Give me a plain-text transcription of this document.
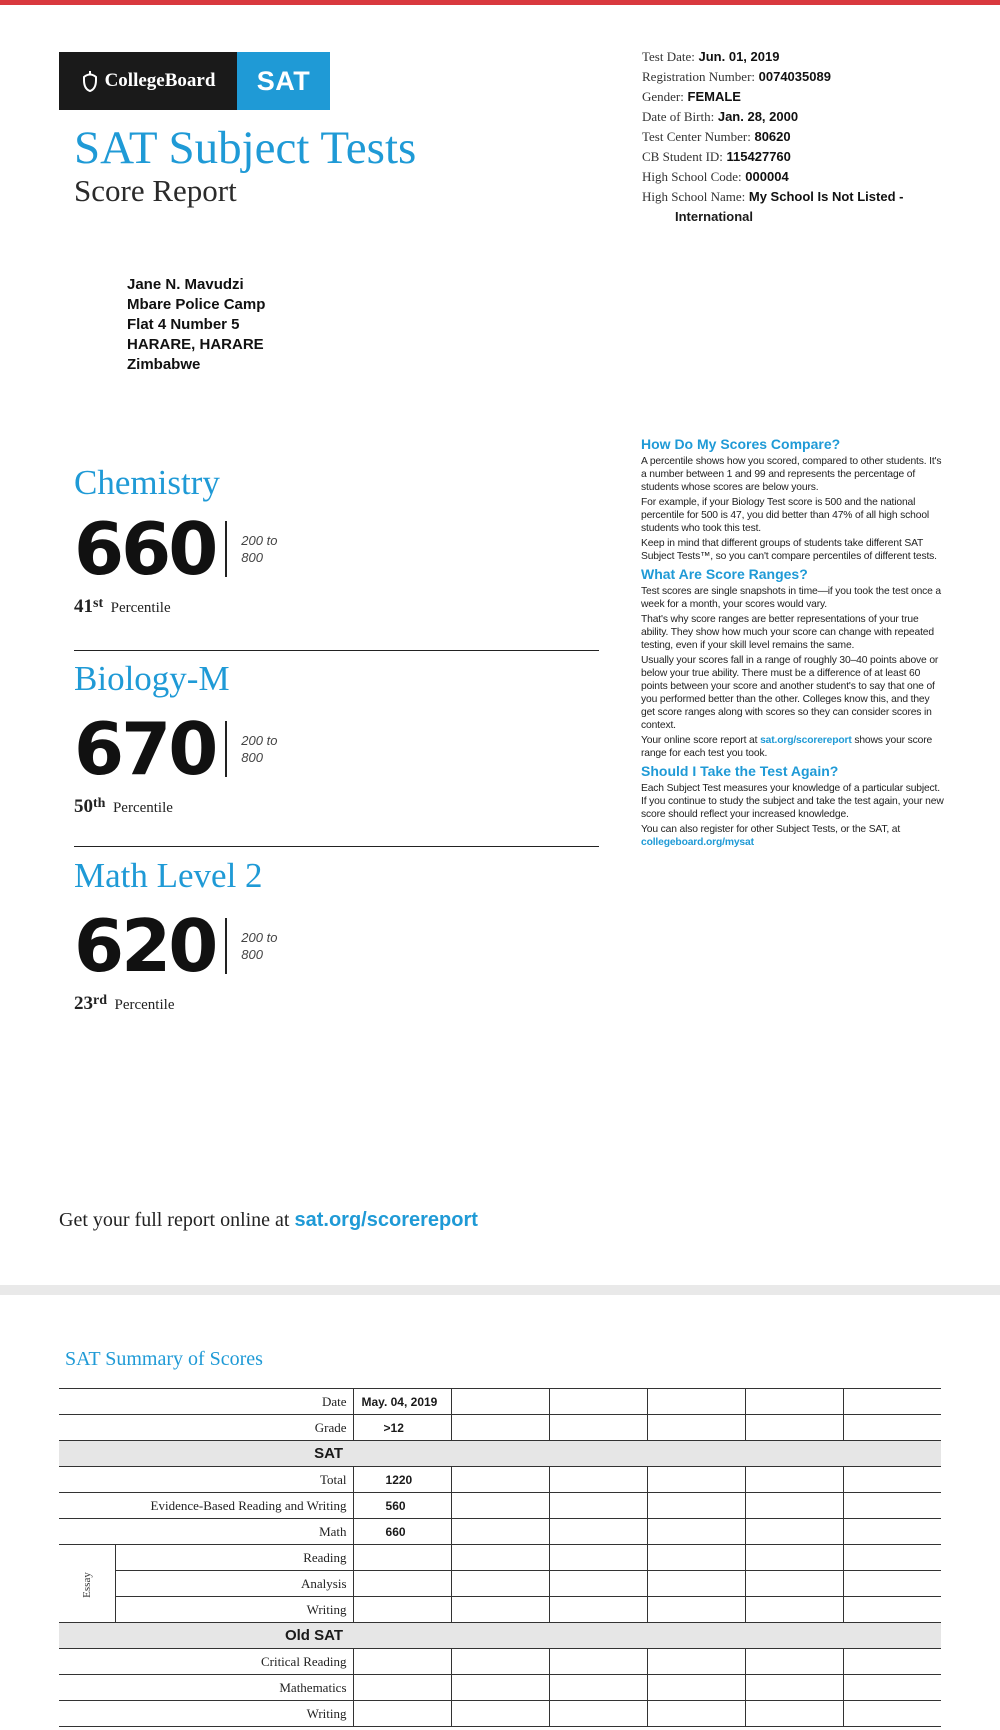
CollegeBoard	SAT
SAT Subject Tests
Score Report
Test Date: Jun. 01, 2019
Registration Number: 0074035089
Gender: FEMALE
Date of Birth: Jan. 28, 2000
Test Center Number: 80620
CB Student ID: 115427760
High School Code: 000004
High School Name: My School Is Not Listed -
International
Jane N. Mavudzi
Mbare Police Camp
Flat 4 Number 5
HARARE, HARARE
Zimbabwe
Chemistry
660 200 to
800
41st Percentile
Biology-M
670 200 to
800
50th Percentile
Math Level 2
620 200 to
800
23rd Percentile
How Do My Scores Compare?

A percentile shows how you scored, compared to other students. It's a number between 1 and 99 and represents the percentage of students whose scores are below yours.

For example, if your Biology Test score is 500 and the national percentile for 500 is 47, you did better than 47% of all high school students who took this test.

Keep in mind that different groups of students take different SAT Subject Tests™, so you can't compare percentiles of different tests.

What Are Score Ranges?

Test scores are single snapshots in time—if you took the test once a week for a month, your scores would vary.

That's why score ranges are better representations of your true ability. They show how much your score can change with repeated testing, even if your skill level remains the same.

Usually your scores fall in a range of roughly 30–40 points above or below your true ability. There must be a difference of at least 60 points between your score and another student's to say that one of you performed better than the other. Colleges know this, and they get score ranges along with scores so they can consider scores in context.

Your online score report at sat.org/scorereport shows your score range for each test you took.

Should I Take the Test Again?

Each Subject Test measures your knowledge of a particular subject. If you continue to study the subject and take the test again, your new score should reflect your increased knowledge.

You can also register for other Subject Tests, or the SAT, at collegeboard.org/mysat

Get your full report online at sat.org/scorereport
SAT Summary of Scores
Date		May. 04, 2019					
Grade		>12					
SAT							
Total		1220					
Evidence-Based Reading and Writing		560					
Math		660					
Essay	Reading						
	Analysis						
	Writing						
Old SAT							
Critical Reading							
Mathematics							
Writing							
